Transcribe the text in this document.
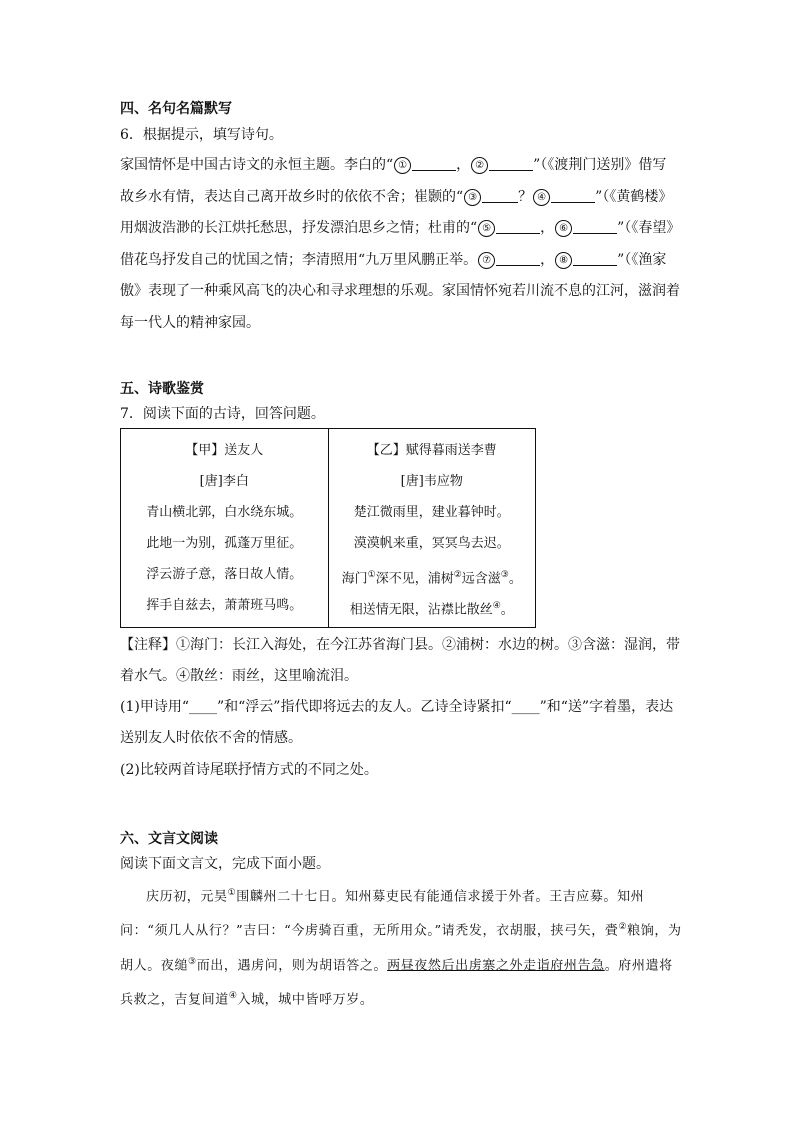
四、名句名篇默写
6．根据提示，填写诗句。
家国情怀是中国古诗文的永恒主题。李白的“ ①	， ②	”（《渡荆门送别》借写故乡水有情，表达自己离开故乡时的依依不舍；崔颢的“ ③	？ ④	”（《黄鹤楼》用烟波浩渺的长江烘托愁思，抒发漂泊思乡之情；杜甫的“ ⑤	， ⑥	”（《春望》借花鸟抒发自己的忧国之情；李清照用“九万里风鹏正举。 ⑦	， ⑧	”（《渔家傲》表现了一种乘风高飞的决心和寻求理想的乐观。家国情怀宛若川流不息的江河，滋润着每一代人的精神家园。
五、诗歌鉴赏
7．阅读下面的古诗，回答问题。
【甲】送友人
[唐]李白
青山横北郭，白水绕东城。
此地一为别，孤蓬万里征。
浮云游子意，落日故人情。
挥手自兹去，萧萧班马鸣。

【乙】赋得暮雨送李曹
[唐]韦应物
楚江微雨里，建业暮钟时。
漠漠帆来重，冥冥鸟去迟。
海门①深不见，浦树②远含滋③。
相送情无限，沾襟比散丝④。
【注释】①海门：长江入海处，在今江苏省海门县。②浦树：水边的树。③含滋：湿润，带着水气。④散丝：雨丝，这里喻流泪。
(1)甲诗用“____”和“浮云”指代即将远去的友人。乙诗全诗紧扣“____”和“送”字着墨，表达送别友人时依依不舍的情感。
(2)比较两首诗尾联抒情方式的不同之处。
六、文言文阅读
阅读下面文言文，完成下面小题。
庆历初，元昊①围麟州二十七日。知州募吏民有能通信求援于外者。王吉应募。知州问：“须几人从行？”吉曰：“今虏骑百重，无所用众。”请秃发，衣胡服，挟弓矢，賫②粮饷，为胡人。夜缒③而出，遇虏问，则为胡语答之。两昼夜然后出虏寨之外走诣府州告急。府州遣将兵救之，吉复间道④入城，城中皆呼万岁。
